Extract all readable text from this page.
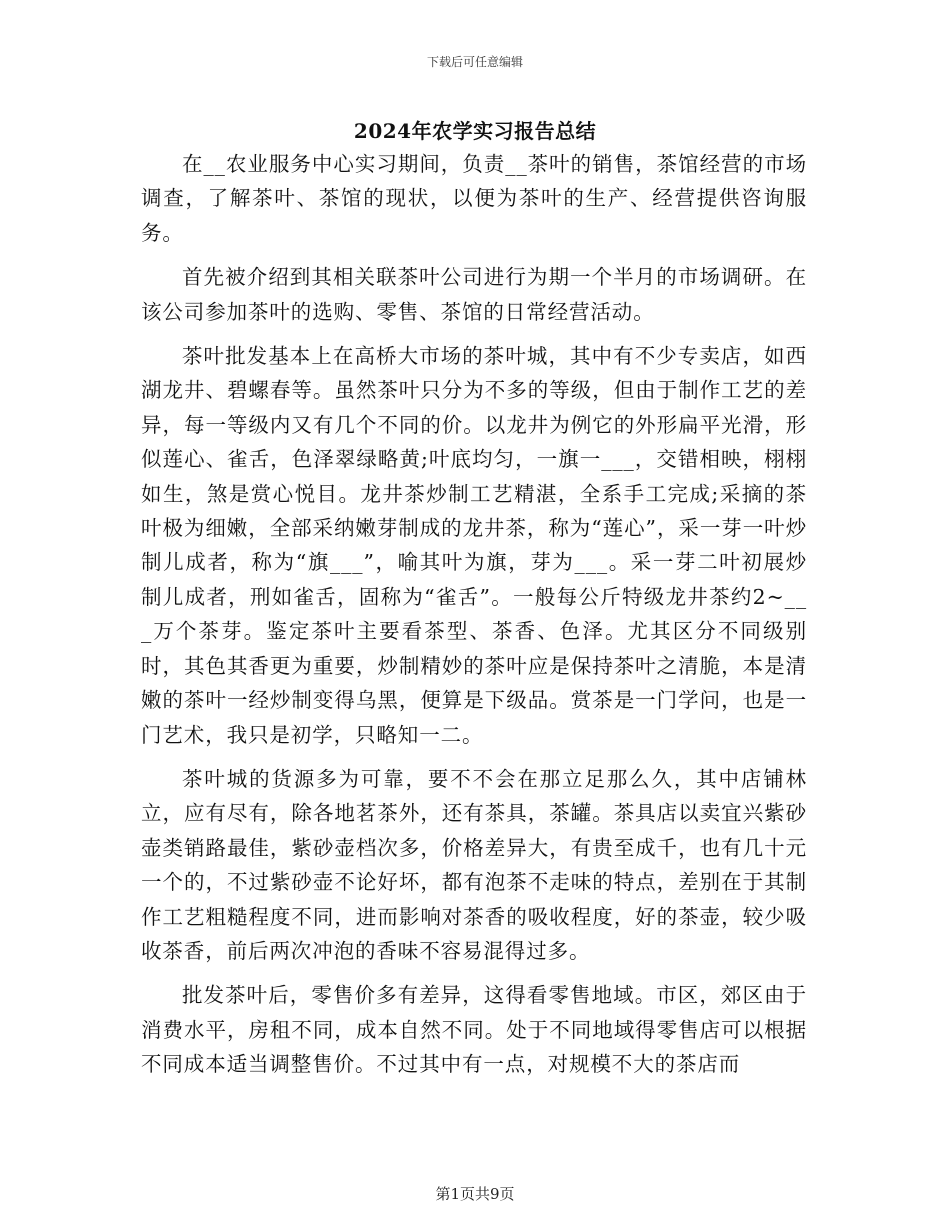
下载后可任意编辑
2024年农学实习报告总结

在__农业服务中心实习期间，负责__茶叶的销售，茶馆经营的市场调查，了解茶叶、茶馆的现状，以便为茶叶的生产、经营提供咨询服务。

首先被介绍到其相关联茶叶公司进行为期一个半月的市场调研。在该公司参加茶叶的选购、零售、茶馆的日常经营活动。

茶叶批发基本上在高桥大市场的茶叶城，其中有不少专卖店，如西湖龙井、碧螺春等。虽然茶叶只分为不多的等级，但由于制作工艺的差异，每一等级内又有几个不同的价。以龙井为例它的外形扁平光滑，形似莲心、雀舌，色泽翠绿略黄;叶底均匀，一旗一___，交错相映，栩栩如生，煞是赏心悦目。龙井茶炒制工艺精湛，全系手工完成;采摘的茶叶极为细嫩，全部采纳嫩芽制成的龙井茶，称为“莲心”，采一芽一叶炒制儿成者，称为“旗___”，喻其叶为旗，芽为___。采一芽二叶初展炒制儿成者，刑如雀舌，固称为“雀舌”。一般每公斤特级龙井茶约2~___万个茶芽。鉴定茶叶主要看茶型、茶香、色泽。尤其区分不同级别时，其色其香更为重要，炒制精妙的茶叶应是保持茶叶之清脆，本是清嫩的茶叶一经炒制变得乌黑，便算是下级品。赏茶是一门学问，也是一门艺术，我只是初学，只略知一二。

茶叶城的货源多为可靠，要不不会在那立足那么久，其中店铺林立，应有尽有，除各地茗茶外，还有茶具，茶罐。茶具店以卖宜兴紫砂壶类销路最佳，紫砂壶档次多，价格差异大，有贵至成千，也有几十元一个的，不过紫砂壶不论好坏，都有泡茶不走味的特点，差别在于其制作工艺粗糙程度不同，进而影响对茶香的吸收程度，好的茶壶，较少吸收茶香，前后两次冲泡的香味不容易混得过多。

批发茶叶后，零售价多有差异，这得看零售地域。市区，郊区由于消费水平，房租不同，成本自然不同。处于不同地域得零售店可以根据不同成本适当调整售价。不过其中有一点，对规模不大的茶店而

第1页共9页
